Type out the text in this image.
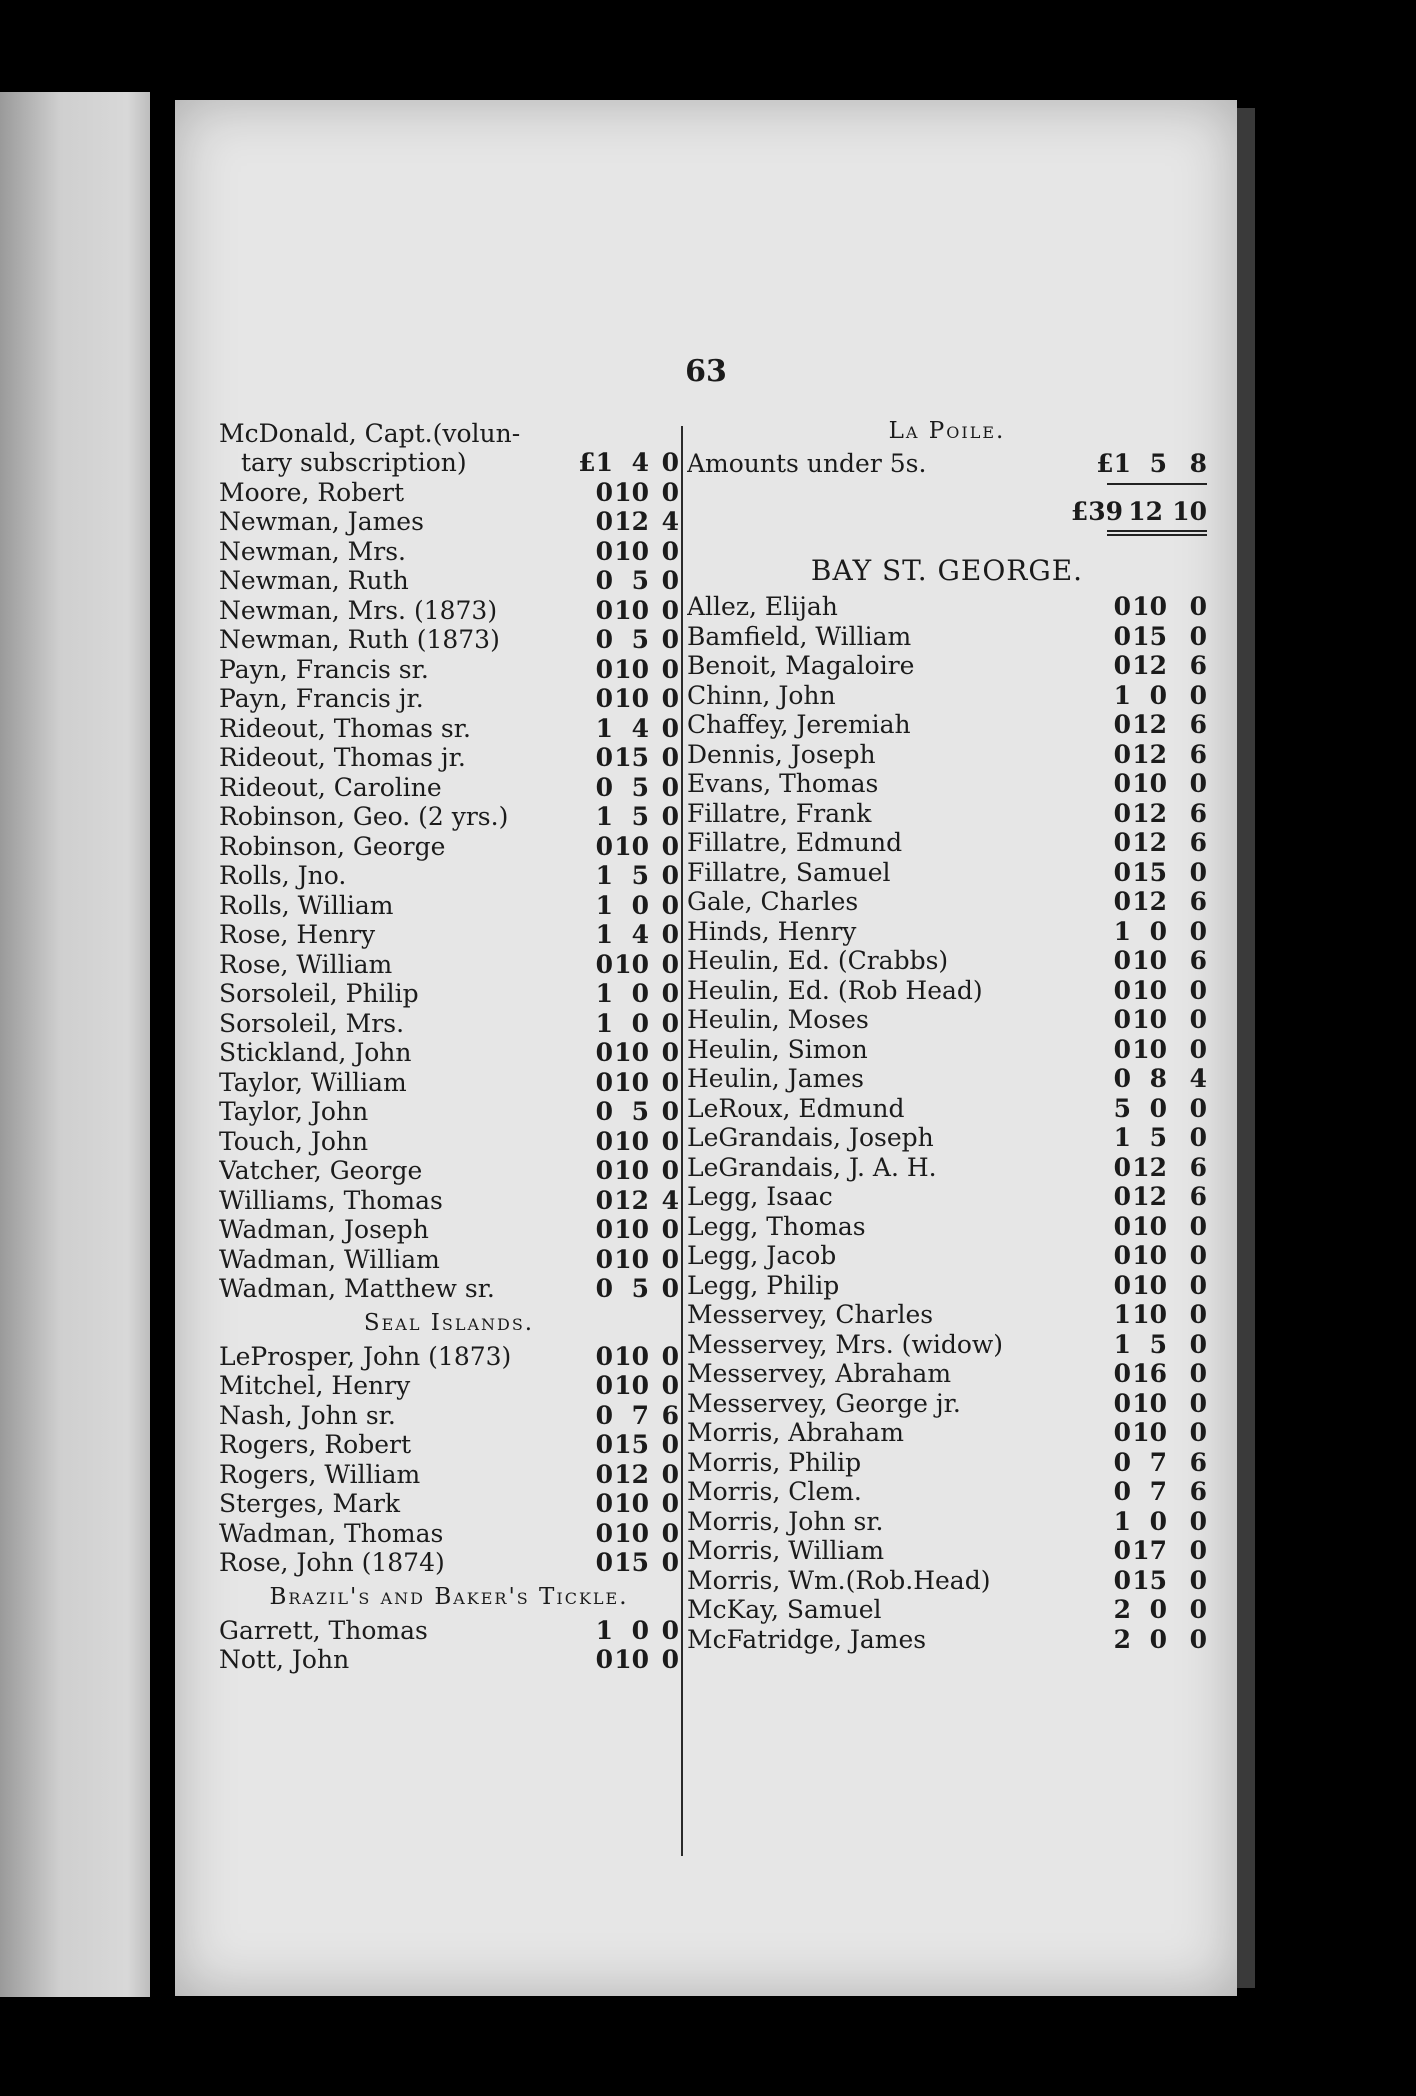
63
McDonald, Capt.(volun-
tary subscription)	£1 4 0
Moore, Robert	0 10 0
Newman, James	0 12 4
Newman, Mrs.	0 10 0
Newman, Ruth	0 5 0
Newman, Mrs. (1873)	0 10 0
Newman, Ruth (1873)	0 5 0
Payn, Francis sr.	0 10 0
Payn, Francis jr.	0 10 0
Rideout, Thomas sr.	1 4 0
Rideout, Thomas jr.	0 15 0
Rideout, Caroline	0 5 0
Robinson, Geo. (2 yrs.)	1 5 0
Robinson, George	0 10 0
Rolls, Jno.	1 5 0
Rolls, William	1 0 0
Rose, Henry	1 4 0
Rose, William	0 10 0
Sorsoleil, Philip	1 0 0
Sorsoleil, Mrs.	1 0 0
Stickland, John	0 10 0
Taylor, William	0 10 0
Taylor, John	0 5 0
Touch, John	0 10 0
Vatcher, George	0 10 0
Williams, Thomas	0 12 4
Wadman, Joseph	0 10 0
Wadman, William	0 10 0
Wadman, Matthew sr.	0 5 0
Seal Islands.
LeProsper, John (1873)	0 10 0
Mitchel, Henry	0 10 0
Nash, John sr.	0 7 6
Rogers, Robert	0 15 0
Rogers, William	0 12 0
Sterges, Mark	0 10 0
Wadman, Thomas	0 10 0
Rose, John (1874)	0 15 0
Brazil's and Baker's Tickle.
Garrett, Thomas	1 0 0
Nott, John	0 10 0
La Poile.
Amounts under 5s.	£1 5 8
£39 12 10
BAY ST. GEORGE.
Allez, Elijah	0 10 0
Bamfield, William	0 15 0
Benoit, Magaloire	0 12 6
Chinn, John	1 0 0
Chaffey, Jeremiah	0 12 6
Dennis, Joseph	0 12 6
Evans, Thomas	0 10 0
Fillatre, Frank	0 12 6
Fillatre, Edmund	0 12 6
Fillatre, Samuel	0 15 0
Gale, Charles	0 12 6
Hinds, Henry	1 0 0
Heulin, Ed. (Crabbs)	0 10 6
Heulin, Ed. (Rob Head)	0 10 0
Heulin, Moses	0 10 0
Heulin, Simon	0 10 0
Heulin, James	0 8 4
LeRoux, Edmund	5 0 0
LeGrandais, Joseph	1 5 0
LeGrandais, J. A. H.	0 12 6
Legg, Isaac	0 12 6
Legg, Thomas	0 10 0
Legg, Jacob	0 10 0
Legg, Philip	0 10 0
Messervey, Charles	1 10 0
Messervey, Mrs. (widow)	1 5 0
Messervey, Abraham	0 16 0
Messervey, George jr.	0 10 0
Morris, Abraham	0 10 0
Morris, Philip	0 7 6
Morris, Clem.	0 7 6
Morris, John sr.	1 0 0
Morris, William	0 17 0
Morris, Wm.(Rob.Head)	0 15 0
McKay, Samuel	2 0 0
McFatridge, James	2 0 0
